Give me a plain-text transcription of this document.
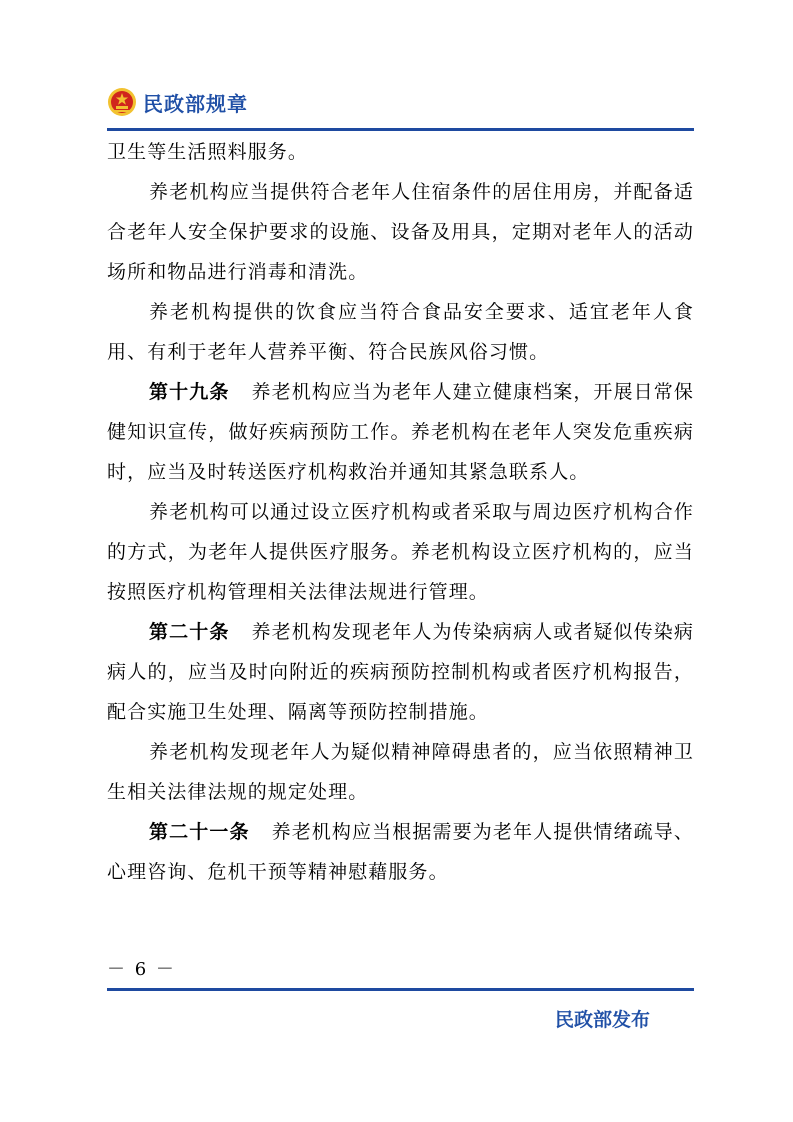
民政部规章

卫生等生活照料服务。

养老机构应当提供符合老年人住宿条件的居住用房，并配备适合老年人安全保护要求的设施、设备及用具，定期对老年人的活动场所和物品进行消毒和清洗。

养老机构提供的饮食应当符合食品安全要求、适宜老年人食用、有利于老年人营养平衡、符合民族风俗习惯。

第十九条 养老机构应当为老年人建立健康档案，开展日常保健知识宣传，做好疾病预防工作。养老机构在老年人突发危重疾病时，应当及时转送医疗机构救治并通知其紧急联系人。

养老机构可以通过设立医疗机构或者采取与周边医疗机构合作的方式，为老年人提供医疗服务。养老机构设立医疗机构的，应当按照医疗机构管理相关法律法规进行管理。

第二十条 养老机构发现老年人为传染病病人或者疑似传染病病人的，应当及时向附近的疾病预防控制机构或者医疗机构报告，配合实施卫生处理、隔离等预防控制措施。

养老机构发现老年人为疑似精神障碍患者的，应当依照精神卫生相关法律法规的规定处理。

第二十一条 养老机构应当根据需要为老年人提供情绪疏导、心理咨询、危机干预等精神慰藉服务。

－ 6 －
民政部发布
